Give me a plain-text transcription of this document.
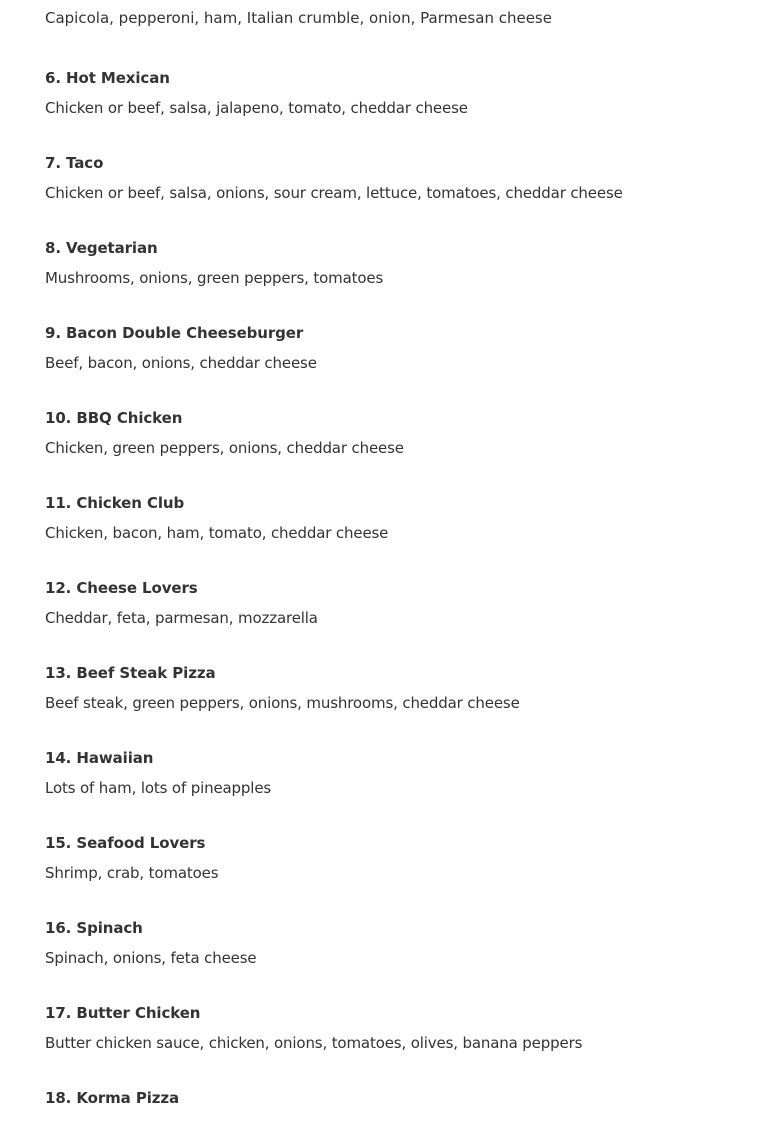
Capicola, pepperoni, ham, Italian crumble, onion, Parmesan cheese
6. Hot Mexican
Chicken or beef, salsa, jalapeno, tomato, cheddar cheese
7. Taco
Chicken or beef, salsa, onions, sour cream, lettuce, tomatoes, cheddar cheese
8. Vegetarian
Mushrooms, onions, green peppers, tomatoes
9. Bacon Double Cheeseburger
Beef, bacon, onions, cheddar cheese
10. BBQ Chicken
Chicken, green peppers, onions, cheddar cheese
11. Chicken Club
Chicken, bacon, ham, tomato, cheddar cheese
12. Cheese Lovers
Cheddar, feta, parmesan, mozzarella
13. Beef Steak Pizza
Beef steak, green peppers, onions, mushrooms, cheddar cheese
14. Hawaiian
Lots of ham, lots of pineapples
15. Seafood Lovers
Shrimp, crab, tomatoes
16. Spinach
Spinach, onions, feta cheese
17. Butter Chicken
Butter chicken sauce, chicken, onions, tomatoes, olives, banana peppers
18. Korma Pizza
